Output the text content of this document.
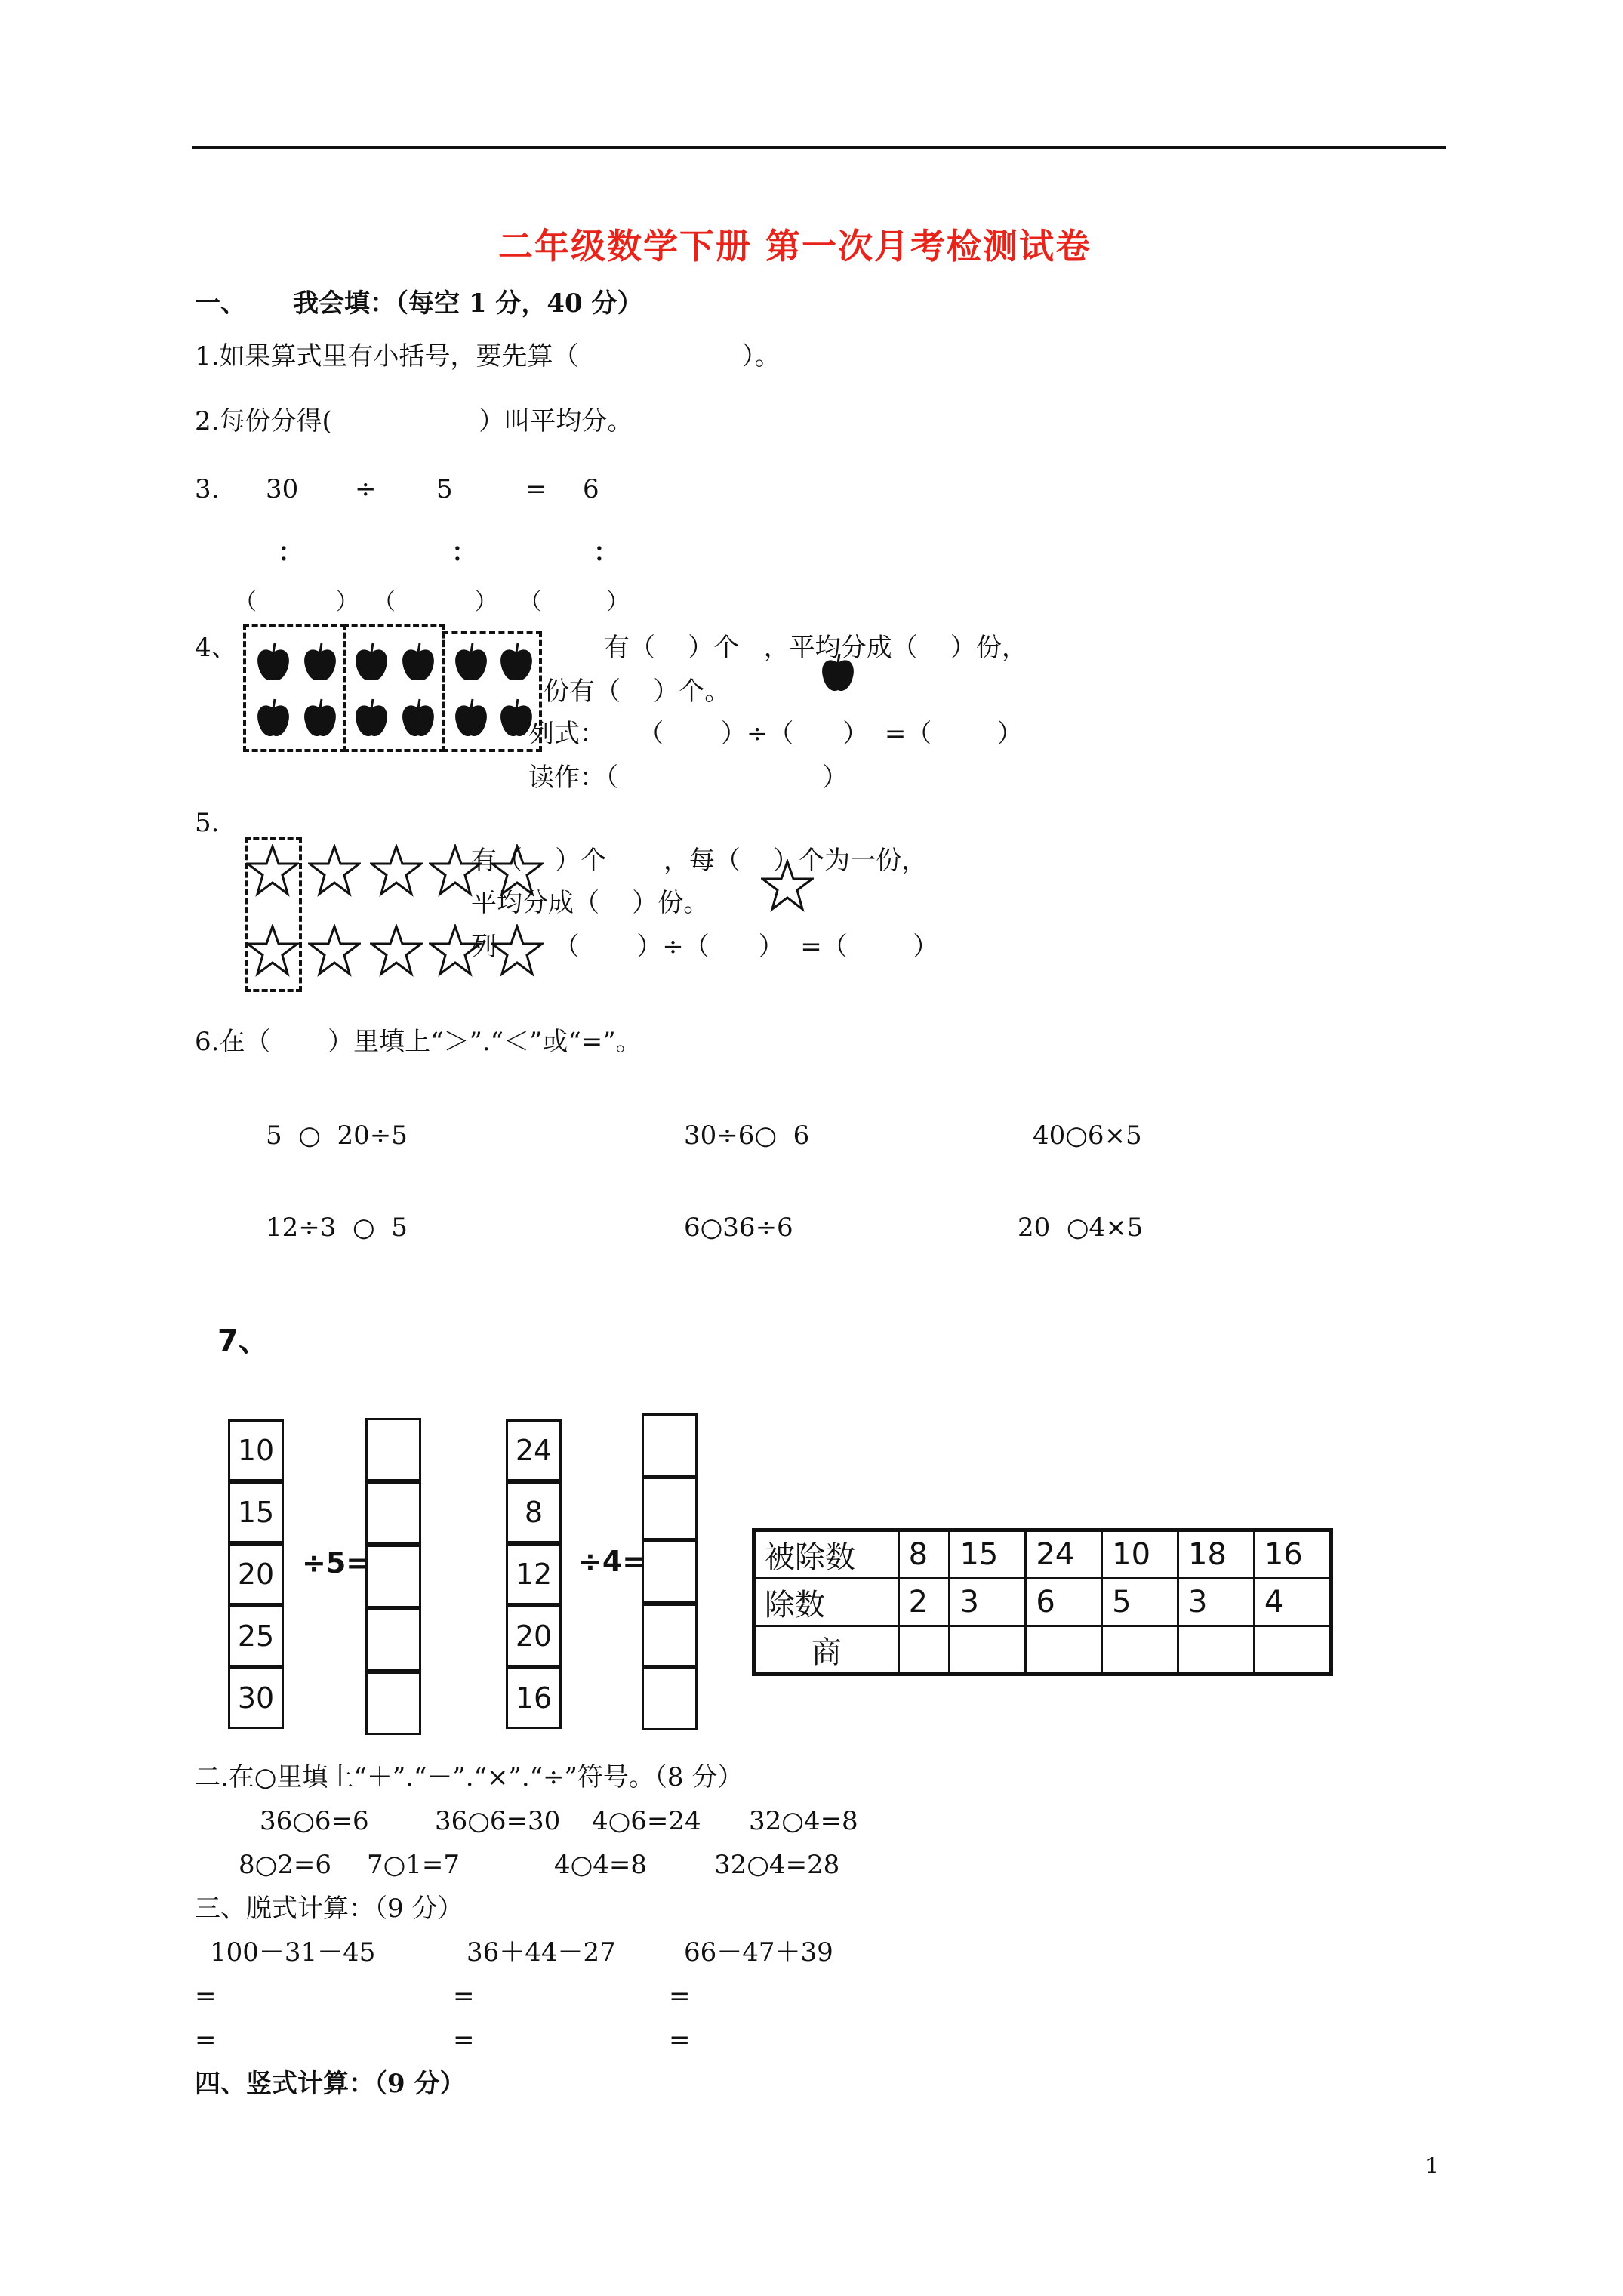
二年级数学下册 第一次月考检测试卷
一、 我会填：（每空 1 分，40 分）
1.如果算式里有小括号，要先算（                    ）。
2.每份分得(                  ）叫平均分。
3. 30 ÷ 5	= 6
：	：	：
（           ）  （           ）   （         ）
4、	有（    ）个   ，平均分成（    ）份，
份有（    ）个。
列式：    （       ）÷（      ）  =（        ）
读作：（                         ）
5.
有（    ）个       ，每（    ）个为一份，
平均分成（    ）份。
列       （       ）÷（      ）  =（        ）
6.在（       ）里填上“＞”.“＜”或“=”。
5  ○  20÷5	30÷6○  6	40○6×5
12÷3  ○  5	6○36÷6	20  ○4×5
7、
10
15
20
25
30
÷5=
24
8
12
20
16
÷4=	被除数	8	15	24	10	18	16
除数	2	3	6	5	3	4
商						
二.在○里填上“＋”.“－”.“×”.“÷”符号。（8 分）
36○6=6	36○6=30 4○6=24 32○4=8
8○2=6 7○1=7	4○4=8	32○4=28
三、脱式计算：（9 分）
100－31－45	36＋44－27	66－47＋39
=	=	=
=	=	=
四、竖式计算：（9 分）
1
